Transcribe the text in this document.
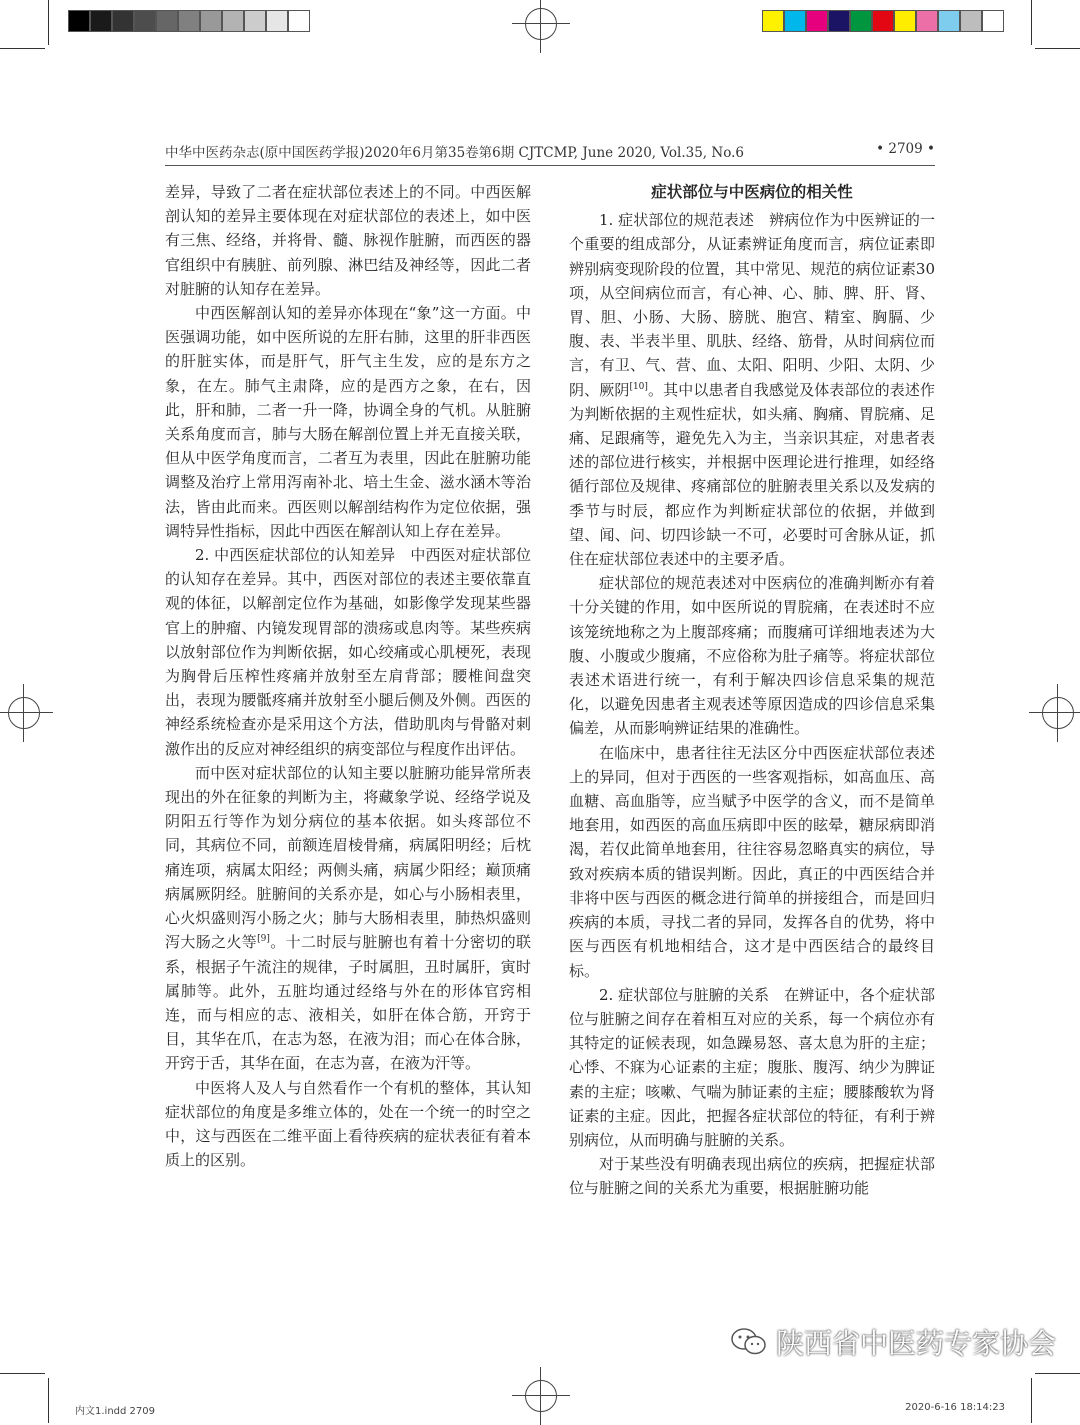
中华中医药杂志(原中国医药学报)2020年6月第35卷第6期 CJTCMP, June 2020, Vol.35, No.6	• 2709 •

差异，导致了二者在症状部位表述上的不同。中西医解剖认知的差异主要体现在对症状部位的表述上，如中医有三焦、经络，并将骨、髓、脉视作脏腑，而西医的器官组织中有胰脏、前列腺、淋巴结及神经等，因此二者对脏腑的认知存在差异。

中西医解剖认知的差异亦体现在“象”这一方面。中医强调功能，如中医所说的左肝右肺，这里的肝非西医的肝脏实体，而是肝气，肝气主生发，应的是东方之象，在左。肺气主肃降，应的是西方之象，在右，因此，肝和肺，二者一升一降，协调全身的气机。从脏腑关系角度而言，肺与大肠在解剖位置上并无直接关联，但从中医学角度而言，二者互为表里，因此在脏腑功能调整及治疗上常用泻南补北、培土生金、滋水涵木等治法，皆由此而来。西医则以解剖结构作为定位依据，强调特异性指标，因此中西医在解剖认知上存在差异。

2. 中西医症状部位的认知差异  中西医对症状部位的认知存在差异。其中，西医对部位的表述主要依靠直观的体征，以解剖定位作为基础，如影像学发现某些器官上的肿瘤、内镜发现胃部的溃疡或息肉等。某些疾病以放射部位作为判断依据，如心绞痛或心肌梗死，表现为胸骨后压榨性疼痛并放射至左肩背部；腰椎间盘突出，表现为腰骶疼痛并放射至小腿后侧及外侧。西医的神经系统检查亦是采用这个方法，借助肌肉与骨骼对刺激作出的反应对神经组织的病变部位与程度作出评估。

而中医对症状部位的认知主要以脏腑功能异常所表现出的外在征象的判断为主，将藏象学说、经络学说及阴阳五行等作为划分病位的基本依据。如头疼部位不同，其病位不同，前额连眉棱骨痛，病属阳明经；后枕痛连项，病属太阳经；两侧头痛，病属少阳经；巅顶痛病属厥阴经。脏腑间的关系亦是，如心与小肠相表里，心火炽盛则泻小肠之火；肺与大肠相表里，肺热炽盛则泻大肠之火等[9]。十二时辰与脏腑也有着十分密切的联系，根据子午流注的规律，子时属胆，丑时属肝，寅时属肺等。此外，五脏均通过经络与外在的形体官窍相连，而与相应的志、液相关，如肝在体合筋，开窍于目，其华在爪，在志为怒，在液为泪；而心在体合脉，开窍于舌，其华在面，在志为喜，在液为汗等。

中医将人及人与自然看作一个有机的整体，其认知症状部位的角度是多维立体的，处在一个统一的时空之中，这与西医在二维平面上看待疾病的症状表征有着本质上的区别。

症状部位与中医病位的相关性

1. 症状部位的规范表述  辨病位作为中医辨证的一个重要的组成部分，从证素辨证角度而言，病位证素即辨别病变现阶段的位置，其中常见、规范的病位证素30项，从空间病位而言，有心神、心、肺、脾、肝、肾、胃、胆、小肠、大肠、膀胱、胞宫、精室、胸膈、少腹、表、半表半里、肌肤、经络、筋骨，从时间病位而言，有卫、气、营、血、太阳、阳明、少阳、太阴、少阴、厥阴[10]。其中以患者自我感觉及体表部位的表述作为判断依据的主观性症状，如头痛、胸痛、胃脘痛、足痛、足跟痛等，避免先入为主，当亲识其症，对患者表述的部位进行核实，并根据中医理论进行推理，如经络循行部位及规律、疼痛部位的脏腑表里关系以及发病的季节与时辰，都应作为判断症状部位的依据，并做到望、闻、问、切四诊缺一不可，必要时可舍脉从证，抓住在症状部位表述中的主要矛盾。

症状部位的规范表述对中医病位的准确判断亦有着十分关键的作用，如中医所说的胃脘痛，在表述时不应该笼统地称之为上腹部疼痛；而腹痛可详细地表述为大腹、小腹或少腹痛，不应俗称为肚子痛等。将症状部位表述术语进行统一，有利于解决四诊信息采集的规范化，以避免因患者主观表述等原因造成的四诊信息采集偏差，从而影响辨证结果的准确性。

在临床中，患者往往无法区分中西医症状部位表述上的异同，但对于西医的一些客观指标，如高血压、高血糖、高血脂等，应当赋予中医学的含义，而不是简单地套用，如西医的高血压病即中医的眩晕，糖尿病即消渴，若仅此简单地套用，往往容易忽略真实的病位，导致对疾病本质的错误判断。因此，真正的中西医结合并非将中医与西医的概念进行简单的拼接组合，而是回归疾病的本质，寻找二者的异同，发挥各自的优势，将中医与西医有机地相结合，这才是中西医结合的最终目标。

2. 症状部位与脏腑的关系  在辨证中，各个症状部位与脏腑之间存在着相互对应的关系，每一个病位亦有其特定的证候表现，如急躁易怒、喜太息为肝的主症；心悸、不寐为心证素的主症；腹胀、腹泻、纳少为脾证素的主症；咳嗽、气喘为肺证素的主症；腰膝酸软为肾证素的主症。因此，把握各症状部位的特征，有利于辨别病位，从而明确与脏腑的关系。

对于某些没有明确表现出病位的疾病，把握症状部位与脏腑之间的关系尤为重要，根据脏腑功能

陕西省中医药专家协会
内文1.indd 2709	2020-6-16 18:14:23
